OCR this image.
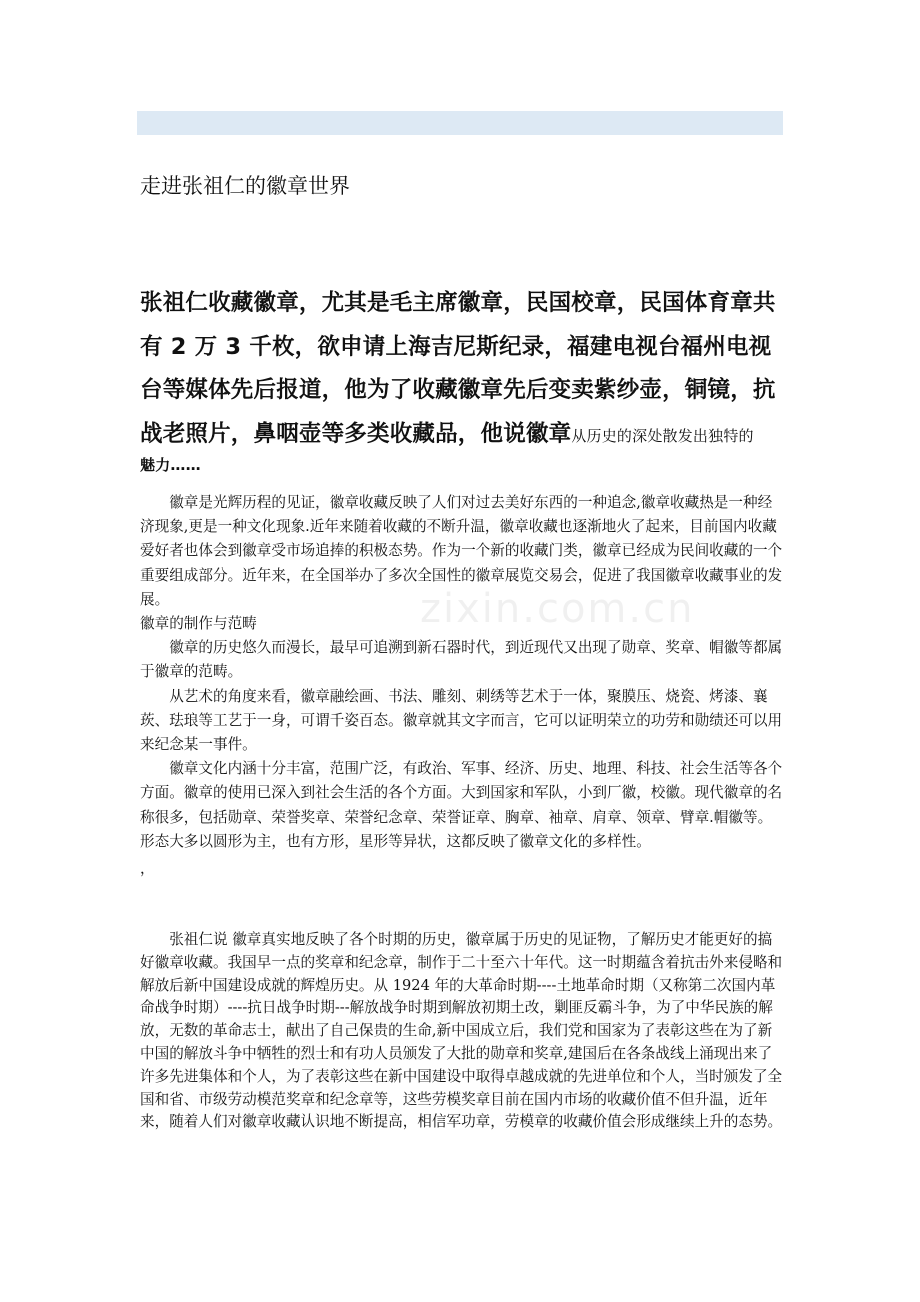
走进张祖仁的徽章世界

张祖仁收藏徽章，尤其是毛主席徽章，民国校章，民国体育章共有 2 万 3 千枚，欲申请上海吉尼斯纪录，福建电视台福州电视台等媒体先后报道，他为了收藏徽章先后变卖紫纱壶，铜镜，抗战老照片，鼻咽壶等多类收藏品，他说徽章从历史的深处散发出独特的
魅力……

徽章是光辉历程的见证，徽章收藏反映了人们对过去美好东西的一种追念,徽章收藏热是一种经济现象,更是一种文化现象.近年来随着收藏的不断升温，徽章收藏也逐渐地火了起来，目前国内收藏爱好者也体会到徽章受市场追捧的积极态势。作为一个新的收藏门类，徽章已经成为民间收藏的一个重要组成部分。近年来，在全国举办了多次全国性的徽章展览交易会，促进了我国徽章收藏事业的发展。

徽章的制作与范畴

徽章的历史悠久而漫长，最早可追溯到新石器时代，到近现代又出现了勋章、奖章、帽徽等都属于徽章的范畴。

从艺术的角度来看，徽章融绘画、书法、雕刻、刺绣等艺术于一体，聚膜压、烧瓷、烤漆、襄莰、珐琅等工艺于一身，可谓千姿百态。徽章就其文字而言，它可以证明荣立的功劳和勋绩还可以用来纪念某一事件。

徽章文化内涵十分丰富，范围广泛，有政治、军事、经济、历史、地理、科技、社会生活等各个方面。徽章的使用已深入到社会生活的各个方面。大到国家和军队，小到厂徽，校徽。现代徽章的名称很多，包括勋章、荣誉奖章、荣誉纪念章、荣誉证章、胸章、袖章、肩章、领章、臂章.帽徽等。形态大多以圆形为主，也有方形，星形等异状，这都反映了徽章文化的多样性。

，

张祖仁说 徽章真实地反映了各个时期的历史，徽章属于历史的见证物，了解历史才能更好的搞好徽章收藏。我国早一点的奖章和纪念章，制作于二十至六十年代。这一时期蕴含着抗击外来侵略和解放后新中国建设成就的辉煌历史。从 1924 年的大革命时期----土地革命时期（又称第二次国内革命战争时期）----抗日战争时期---解放战争时期到解放初期土改，剿匪反霸斗争，为了中华民族的解放，无数的革命志士，献出了自己保贵的生命,新中国成立后，我们党和国家为了表彰这些在为了新中国的解放斗争中牺牲的烈士和有功人员颁发了大批的勋章和奖章,建国后在各条战线上涌现出来了许多先进集体和个人，为了表彰这些在新中国建设中取得卓越成就的先进单位和个人，当时颁发了全国和省、市级劳动模范奖章和纪念章等，这些劳模奖章目前在国内市场的收藏价值不但升温，近年来，随着人们对徽章收藏认识地不断提高，相信军功章，劳模章的收藏价值会形成继续上升的态势。

zixin.com.cn
